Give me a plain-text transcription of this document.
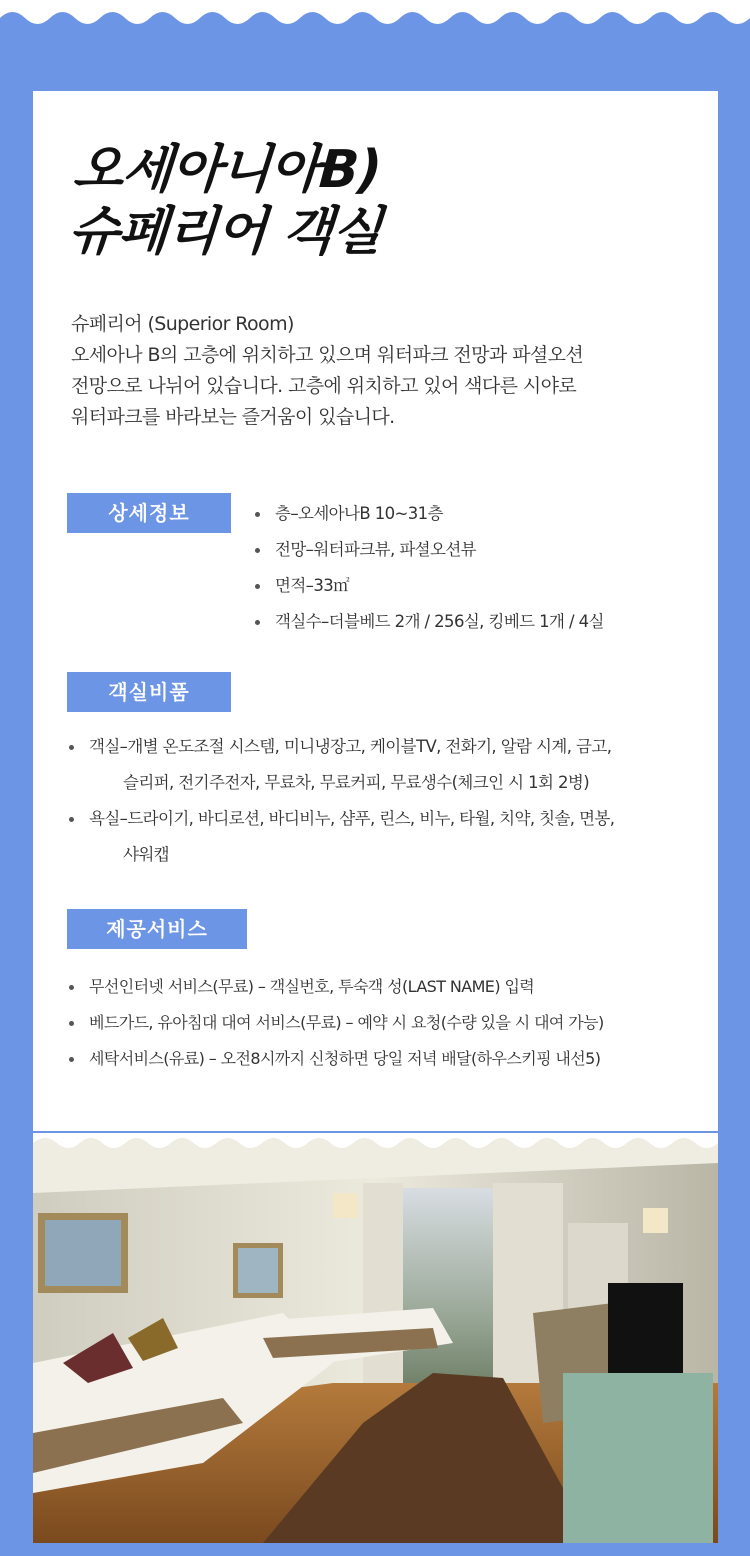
오세아니아B)
슈페리어 객실

슈페리어 (Superior Room)

오세아나 B의 고층에 위치하고 있으며 워터파크 전망과 파셜오션

전망으로 나뉘어 있습니다. 고층에 위치하고 있어 색다른 시야로

워터파크를 바라보는 즐거움이 있습니다.

상세정보	층–오세아나B 10~31층
전망–워터파크뷰, 파셜오션뷰
면적–33㎡
객실수–더블베드 2개 / 256실, 킹베드 1개 / 4실
객실비품
객실–개별 온도조절 시스템, 미니냉장고, 케이블TV, 전화기, 알람 시계, 금고,
슬리퍼, 전기주전자, 무료차, 무료커피, 무료생수(체크인 시 1회 2병)
욕실–드라이기, 바디로션, 바디비누, 샴푸, 린스, 비누, 타월, 치약, 칫솔, 면봉,
샤워캡
제공서비스
무선인터넷 서비스(무료) – 객실번호, 투숙객 성(LAST NAME) 입력
베드가드, 유아침대 대여 서비스(무료) – 예약 시 요청(수량 있을 시 대여 가능)
세탁서비스(유료) – 오전8시까지 신청하면 당일 저녁 배달(하우스키핑 내선5)
